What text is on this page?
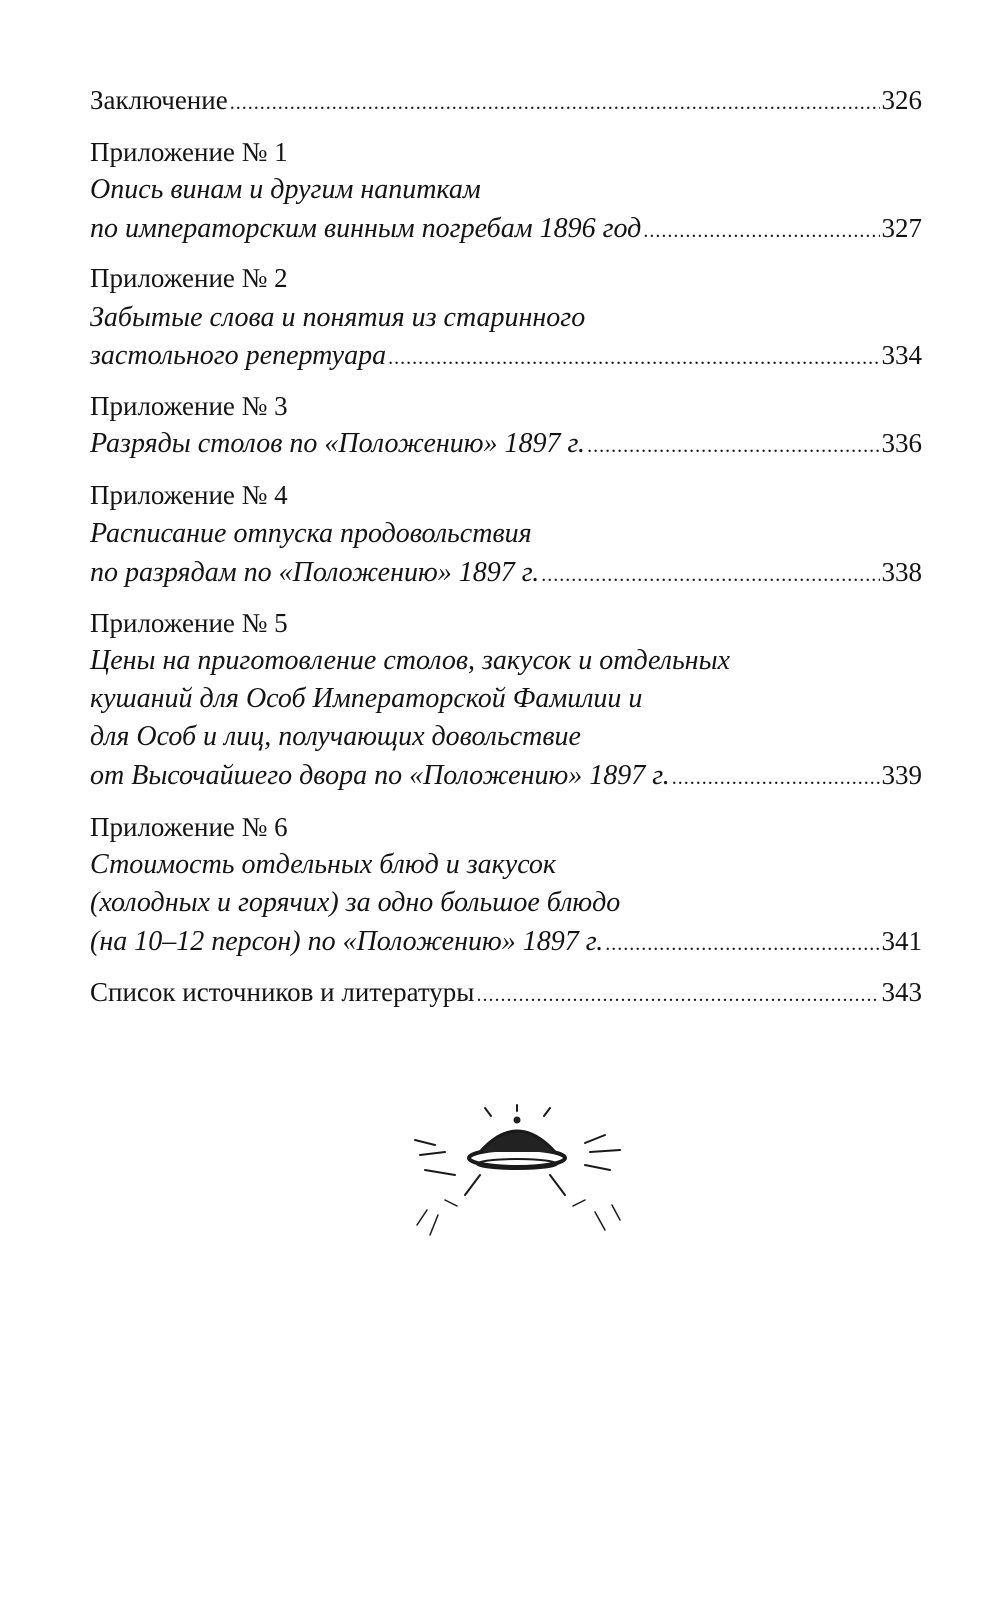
Заключение .....	326
Приложение № 1
Опись винам и другим напиткам
по императорским винным погребам 1896 год .....	327
Приложение № 2
Забытые слова и понятия из старинного
застольного репертуара .....	334
Приложение № 3
Разряды столов по «Положению» 1897 г. .....	336
Приложение № 4
Расписание отпуска продовольствия
по разрядам по «Положению» 1897 г. .....	338
Приложение № 5
Цены на приготовление столов, закусок и отдельных
кушаний для Особ Императорской Фамилии и
для Особ и лиц, получающих довольствие
от Высочайшего двора по «Положению» 1897 г. .....	339
Приложение № 6
Стоимость отдельных блюд и закусок
(холодных и горячих) за одно большое блюдо
(на 10–12 персон) по «Положению» 1897 г. .....	341
Список источников и литературы .....	343
